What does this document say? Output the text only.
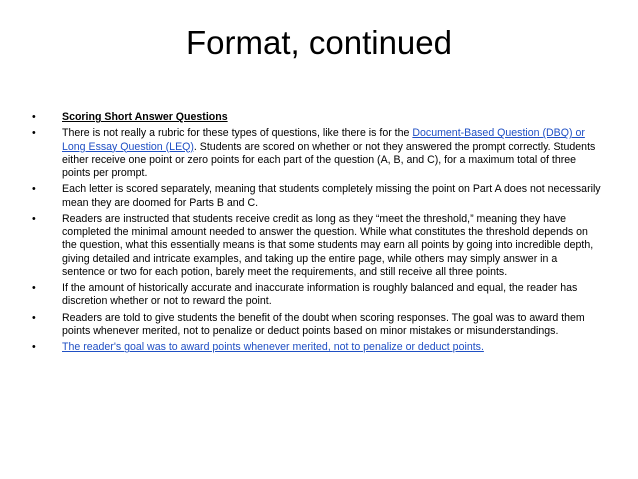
Format, continued
•	Scoring Short Answer Questions
•	There is not really a rubric for these types of questions, like there is for the Document-Based Question (DBQ) or Long Essay Question (LEQ). Students are scored on whether or not they answered the prompt correctly. Students either receive one point or zero points for each part of the question (A, B, and C), for a maximum total of three points per prompt.
•	Each letter is scored separately, meaning that students completely missing the point on Part A does not necessarily mean they are doomed for Parts B and C.
•	Readers are instructed that students receive credit as long as they “meet the threshold,” meaning they have completed the minimal amount needed to answer the question. While what constitutes the threshold depends on the question, what this essentially means is that some students may earn all points by going into incredible depth, giving detailed and intricate examples, and taking up the entire page, while others may simply answer in a sentence or two for each potion, barely meet the requirements, and still receive all three points.
•	If the amount of historically accurate and inaccurate information is roughly balanced and equal, the reader has discretion whether or not to reward the point.
•	Readers are told to give students the benefit of the doubt when scoring responses. The goal was to award them points whenever merited, not to penalize or deduct points based on minor mistakes or misunderstandings.
•	The reader's goal was to award points whenever merited, not to penalize or deduct points.
